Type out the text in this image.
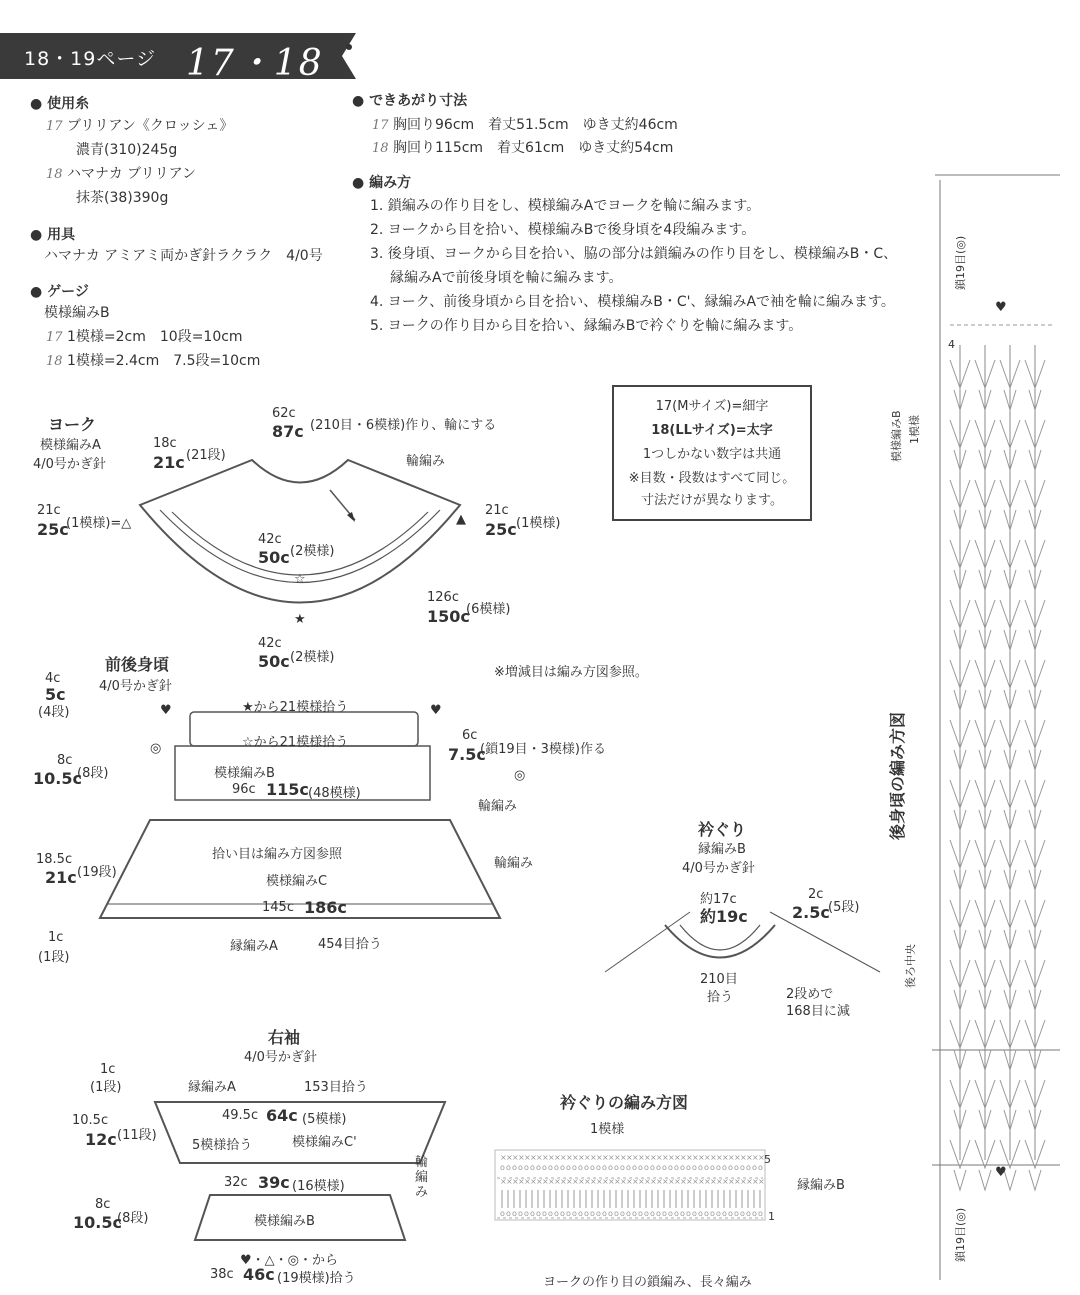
18・19ページ 17・18
● 使用糸
17 ブリリアン《クロッシェ》
濃青(310)245g
18 ハマナカ ブリリアン
抹茶(38)390g
● 用具
ハマナカ アミアミ両かぎ針ラクラク　4/0号
● ゲージ
模様編みB
17 1模様=2cm　10段=10cm
18 1模様=2.4cm　7.5段=10cm
● できあがり寸法
17 胸回り96cm　着丈51.5cm　ゆき丈約46cm
18 胸回り115cm　着丈61cm　ゆき丈約54cm
● 編み方
1. 鎖編みの作り目をし、模様編みAでヨークを輪に編みます。
2. ヨークから目を拾い、模様編みBで後身頃を4段編みます。
3. 後身頃、ヨークから目を拾い、脇の部分は鎖編みの作り目をし、模様編みB・C、
縁編みAで前後身頃を輪に編みます。
4. ヨーク、前後身頃から目を拾い、模様編みB・C'、縁編みAで袖を輪に編みます。
5. ヨークの作り目から目を拾い、縁編みBで衿ぐりを輪に編みます。
17(Mサイズ)=細字
18(LLサイズ)=太字
1つしかない数字は共通
※目数・段数はすべて同じ。
寸法だけが異なります。
×
o
×
o
×
o
×
o
×
o
×
o
×
o
×
o
×
o
×
o
×
o
×
o
×
o
×
o
×
o
×
o
×
o
×
o
×
o
×
o
×
o
×
o
×
o
×
o
×
o
×
o
×
o
×
o
×
o
×
o
×
o
×
o
×
o
×
o
×
o
×
o
×
o
×
o
×
o
×
o
×
o
×
o
×
o
×
o
×
o
×
o
×
o
×
o
×
o
×
o
×
o
×
o
×
o
×
o
×
o
×
o
×
o
×
o
×
o
×
o
×
o
×
o
×
o
×
o
×
o
×
o
×
o
×
o
×
o
×
o
×
o
×
o
×
o
×
o
×
o
×
o
×
o
×
o
×
o
×
o
×
o
×
o
×
o
×
o
×
o
×
o
×
o
×
o
ヨーク
模様編みA
4/0号かぎ針
62c
87c (210目・6模様)作り、輪にする
18c
21c (21段)	輪編み
21c
25c
(1模様)=△	▲
21c
25c (1模様)
42c
50c (2模様)
☆
126c
150c
(6模様)
★
42c
50c (2模様)
前後身頃
4/0号かぎ針
4c
5c
(4段)	♥	♥
★から21模様拾う
☆から21模様拾う
◎
6c
7.5c
(鎖19目・3模様)作る
◎
8c
10.5c
(8段)	模様編みB
96c 115c (48模様)
輪編み
拾い目は編み方図参照
輪編み
18.5c
21c (19段)
模様編みC
145c 186c
1c
(1段)
縁編みA	454目拾う
※増減目は編み方図参照。
衿ぐり
縁編みB
4/0号かぎ針
約17c
約19c
2c
2.5c
(5段)
210目
拾う	2段めで
168目に減
右袖
4/0号かぎ針
1c
(1段)	縁編みA	153目拾う
49.5c 64c (5模様)
10.5c
12c (11段)
5模様拾う	模様編みC'
輪編み
32c 39c (16模様)
8c
10.5c
(8段)	模様編みB
♥・△・◎・から
38c 46c (19模様)拾う
衿ぐりの編み方図
1模様
5
1
縁編みB
ヨークの作り目の鎖編み、長々編み
後身頃の編み方図
鎖19目(◎)
鎖19目(◎)
模様編みB 1模様
後ろ中央
4
♥
♥
